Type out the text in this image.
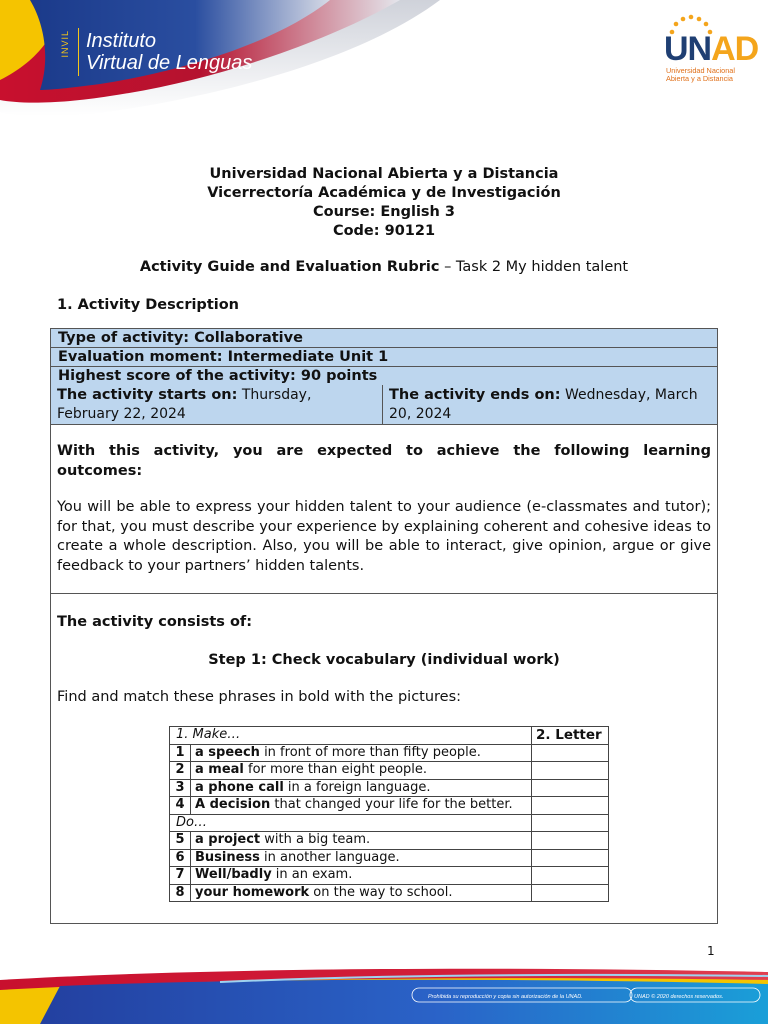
INVIL Instituto
Virtual de Lenguas	UNAD
Universidad Nacional
Abierta y a Distancia
Universidad Nacional Abierta y a Distancia
Vicerrectoría Académica y de Investigación
Course: English 3
Code: 90121
Activity Guide and Evaluation Rubric – Task 2 My hidden talent
1. Activity Description
Type of activity: Collaborative
Evaluation moment: Intermediate Unit 1
Highest score of the activity: 90 points
The activity starts on: Thursday, February 22, 2024
The activity ends on: Wednesday, March 20, 2024
With this activity, you are expected to achieve the following learning outcomes:
You will be able to express your hidden talent to your audience (e-classmates and tutor); for that, you must describe your experience by explaining coherent and cohesive ideas to create a whole description. Also, you will be able to interact, give opinion, argue or give feedback to your partners’ hidden talents.
The activity consists of:
Step 1: Check vocabulary (individual work)
Find and match these phrases in bold with the pictures:
1. Make…		2. Letter
1	a speech in front of more than fifty people.	
2	a meal for more than eight people.	
3	a phone call in a foreign language.	
4	A decision that changed your life for the better.	
Do…		
5	a project with a big team.	
6	Business in another language.	
7	Well/badly in an exam.	
8	your homework on the way to school.	
1
Prohibida su reproducción y copia sin autorización de la UNAD.	UNAD © 2020 derechos reservados.
